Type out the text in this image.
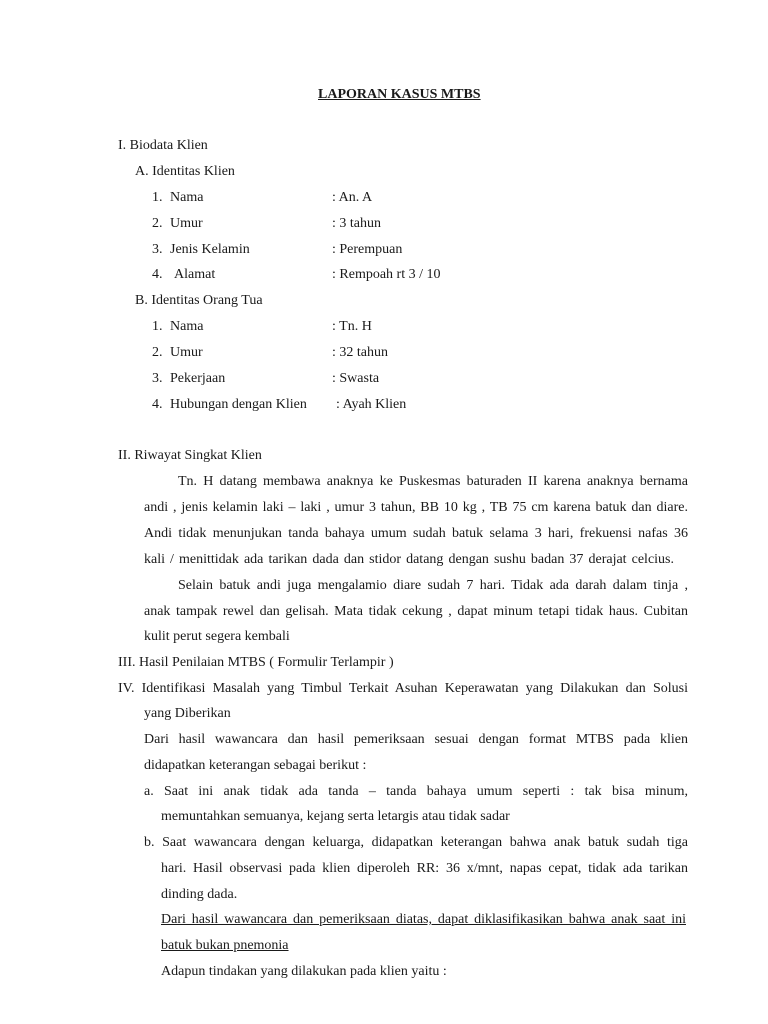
LAPORAN KASUS MTBS
I. Biodata Klien
A. Identitas Klien
1. Nama	: An. A
2. Umur	: 3 tahun
3. Jenis Kelamin	: Perempuan
4. Alamat	: Rempoah rt 3 / 10
B. Identitas Orang Tua
1. Nama	: Tn. H
2. Umur	: 32 tahun
3. Pekerjaan	: Swasta
4. Hubungan dengan Klien : Ayah Klien
II. Riwayat Singkat Klien
Tn. H datang membawa anaknya ke Puskesmas baturaden II karena anaknya bernama
andi , jenis kelamin laki – laki , umur 3 tahun, BB 10 kg , TB 75 cm karena batuk dan diare.
Andi tidak menunjukan tanda bahaya umum sudah batuk selama 3 hari, frekuensi nafas 36
kali / menittidak ada tarikan dada dan stidor datang dengan sushu badan 37 derajat celcius.
Selain batuk andi juga mengalamio diare sudah 7 hari. Tidak ada darah dalam tinja ,
anak tampak rewel dan gelisah. Mata tidak cekung , dapat minum tetapi tidak haus. Cubitan
kulit perut segera kembali
III. Hasil Penilaian MTBS ( Formulir Terlampir )
IV. Identifikasi Masalah yang Timbul Terkait Asuhan Keperawatan yang Dilakukan dan Solusi
yang Diberikan
Dari hasil wawancara dan hasil pemeriksaan sesuai dengan format MTBS pada klien
didapatkan keterangan sebagai berikut :
a. Saat ini anak tidak ada tanda – tanda bahaya umum seperti : tak bisa minum,
memuntahkan semuanya, kejang serta letargis atau tidak sadar
b. Saat wawancara dengan keluarga, didapatkan keterangan bahwa anak batuk sudah tiga
hari. Hasil observasi pada klien diperoleh RR: 36 x/mnt, napas cepat, tidak ada tarikan
dinding dada.
Dari hasil wawancara dan pemeriksaan diatas, dapat diklasifikasikan bahwa anak saat ini
batuk bukan pnemonia
Adapun tindakan yang dilakukan pada klien yaitu :
